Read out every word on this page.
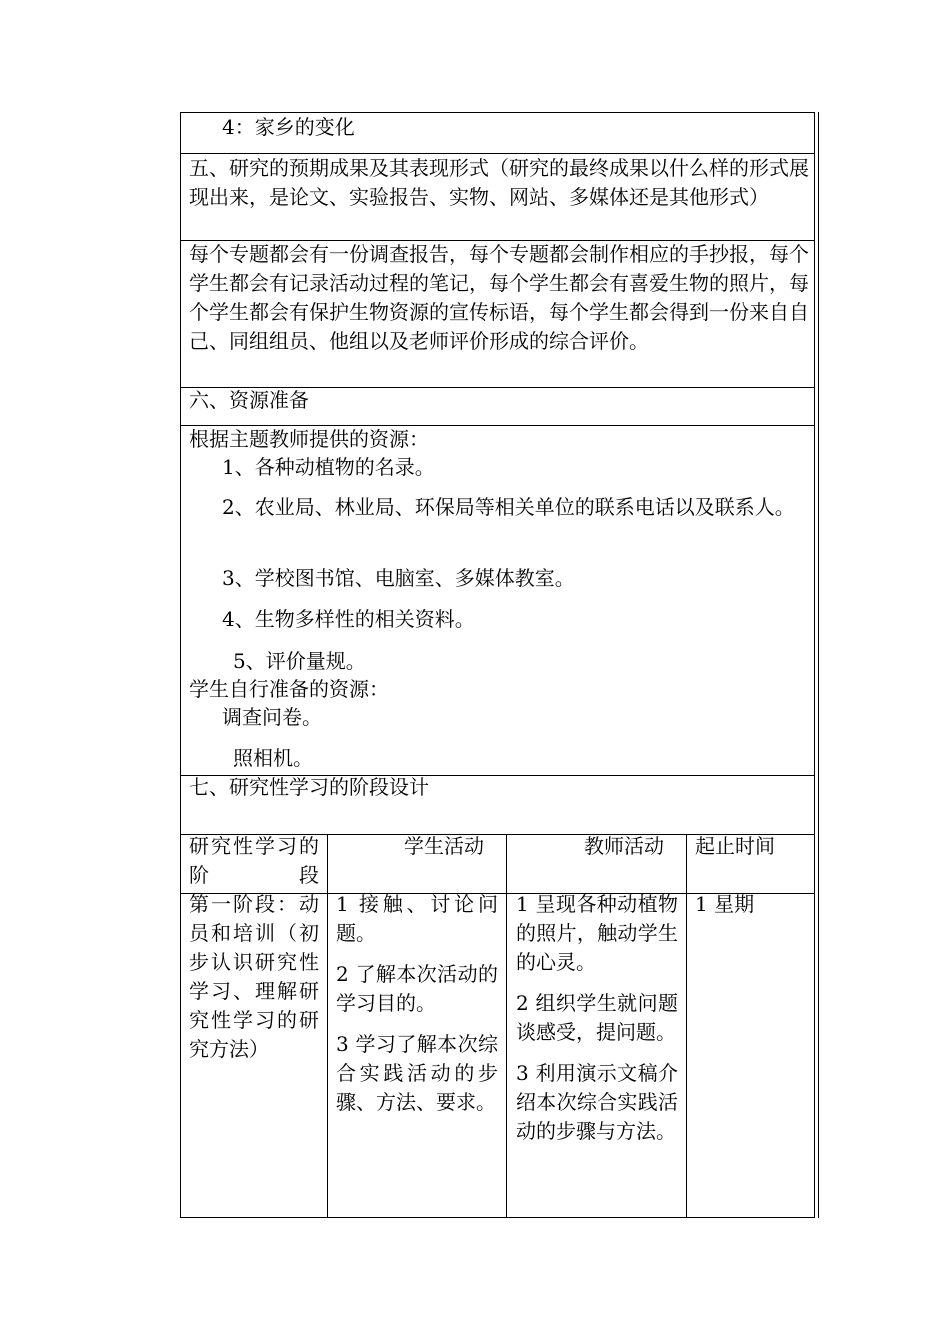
4：家乡的变化
五、研究的预期成果及其表现形式（研究的最终成果以什么样的形式展现出来，是论文、实验报告、实物、网站、多媒体还是其他形式）
每个专题都会有一份调查报告，每个专题都会制作相应的手抄报，每个学生都会有记录活动过程的笔记，每个学生都会有喜爱生物的照片，每个学生都会有保护生物资源的宣传标语，每个学生都会得到一份来自自己、同组组员、他组以及老师评价形成的综合评价。
六、资源准备
根据主题教师提供的资源：
1、各种动植物的名录。
2、农业局、林业局、环保局等相关单位的联系电话以及联系人。
3、学校图书馆、电脑室、多媒体教室。
4、生物多样性的相关资料。
5、评价量规。
学生自行准备的资源：
调查问卷。
照相机。
七、研究性学习的阶段设计

研究性学习的阶段

学生活动	教师活动 起止时间
第一阶段：动员和培训（初步认识研究性学习、理解研究性学习的研究方法）

1 接触、讨论问题。

2 了解本次活动的学习目的。

3 学习了解本次综合实践活动的步骤、方法、要求。

1 呈现各种动植物的照片，触动学生的心灵。

2 组织学生就问题谈感受，提问题。

3 利用演示文稿介绍本次综合实践活动的步骤与方法。

1 星期
